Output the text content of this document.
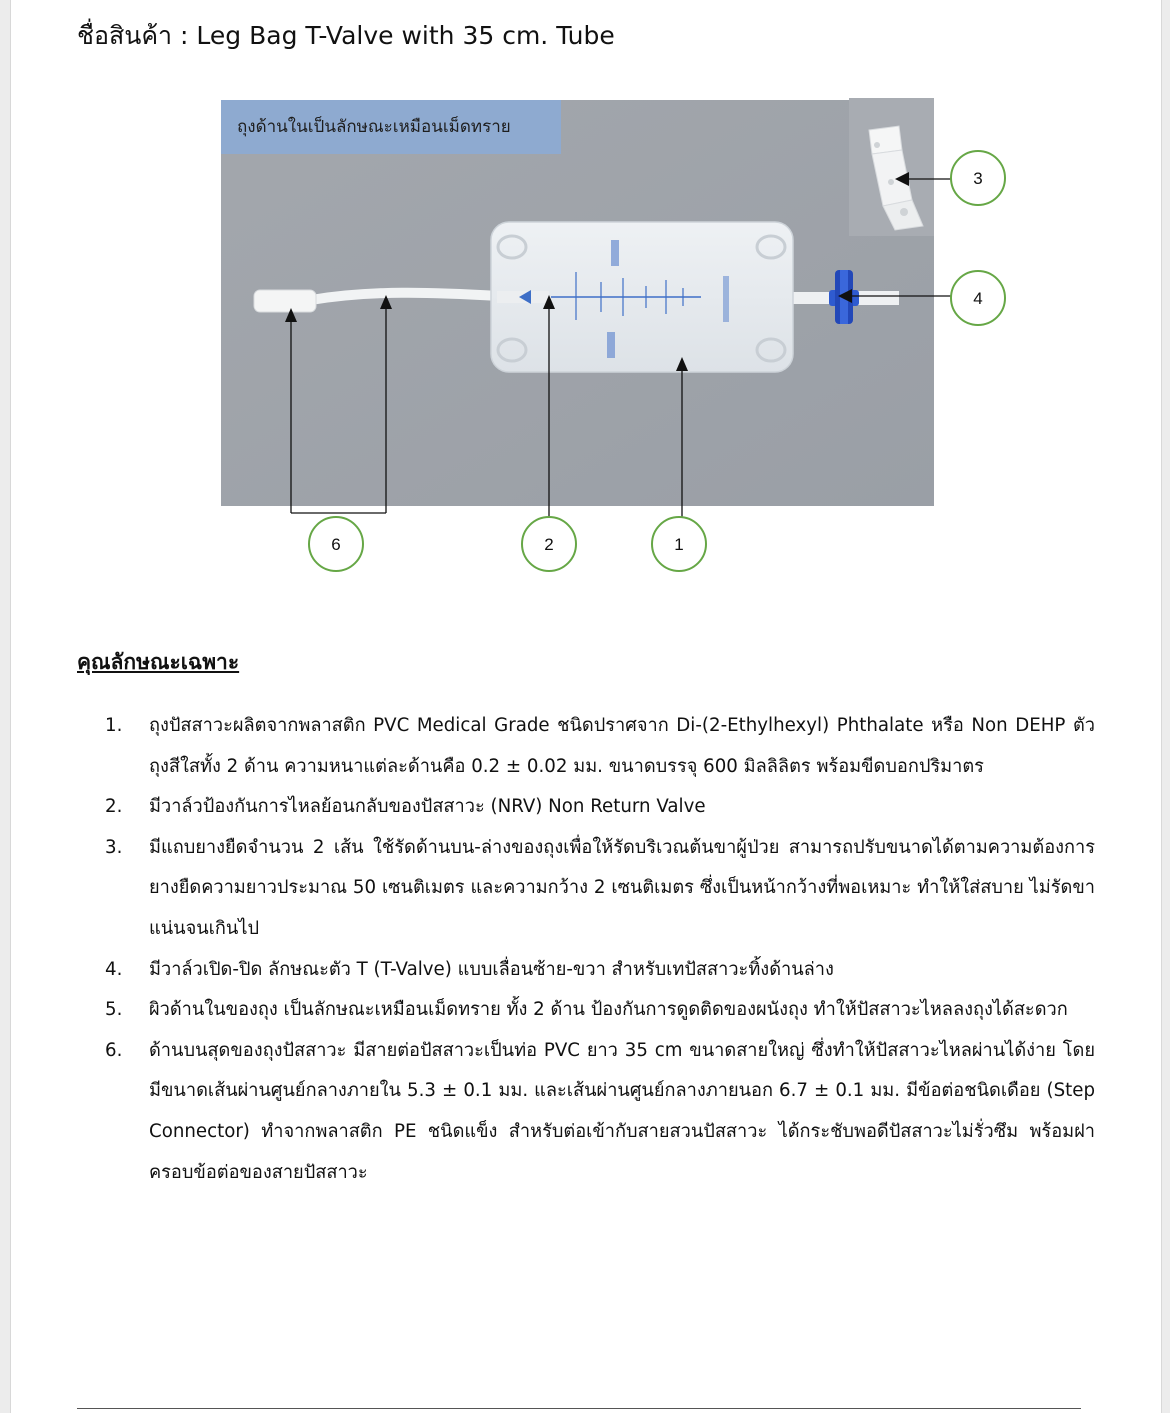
ชื่อสินค้า : Leg Bag T-Valve with 35 cm. Tube
6	2	1
3
4
ถุงด้านในเป็นลักษณะเหมือนเม็ดทราย
คุณลักษณะเฉพาะ
1.	ถุงปัสสาวะผลิตจากพลาสติก PVC Medical Grade ชนิดปราศจาก Di-(2-Ethylhexyl) Phthalate หรือ Non DEHP ตัวถุงสีใสทั้ง 2 ด้าน ความหนาแต่ละด้านคือ 0.2 ± 0.02 มม. ขนาดบรรจุ 600 มิลลิลิตร พร้อมขีดบอกปริมาตร
2.	มีวาล์วป้องกันการไหลย้อนกลับของปัสสาวะ (NRV) Non Return Valve
3.	มีแถบยางยืดจำนวน 2 เส้น ใช้รัดด้านบน-ล่างของถุงเพื่อให้รัดบริเวณต้นขาผู้ป่วย สามารถปรับขนาดได้ตามความต้องการ ยางยืดความยาวประมาณ 50 เซนติเมตร และความกว้าง 2 เซนติเมตร ซึ่งเป็นหน้ากว้างที่พอเหมาะ ทำให้ใส่สบาย ไม่รัดขาแน่นจนเกินไป
4.	มีวาล์วเปิด-ปิด ลักษณะตัว T (T-Valve) แบบเลื่อนซ้าย-ขวา สำหรับเทปัสสาวะทิ้งด้านล่าง
5.	ผิวด้านในของถุง เป็นลักษณะเหมือนเม็ดทราย ทั้ง 2 ด้าน ป้องกันการดูดติดของผนังถุง ทำให้ปัสสาวะไหลลงถุงได้สะดวก
6.	ด้านบนสุดของถุงปัสสาวะ มีสายต่อปัสสาวะเป็นท่อ PVC ยาว 35 cm ขนาดสายใหญ่ ซึ่งทำให้ปัสสาวะไหลผ่านได้ง่าย โดยมีขนาดเส้นผ่านศูนย์กลางภายใน 5.3 ± 0.1 มม. และเส้นผ่านศูนย์กลางภายนอก 6.7 ± 0.1 มม. มีข้อต่อชนิดเดือย (Step Connector) ทำจากพลาสติก PE ชนิดแข็ง สำหรับต่อเข้ากับสายสวนปัสสาวะ ได้กระชับพอดีปัสสาวะไม่รั่วซึม พร้อมฝาครอบข้อต่อของสายปัสสาวะ
